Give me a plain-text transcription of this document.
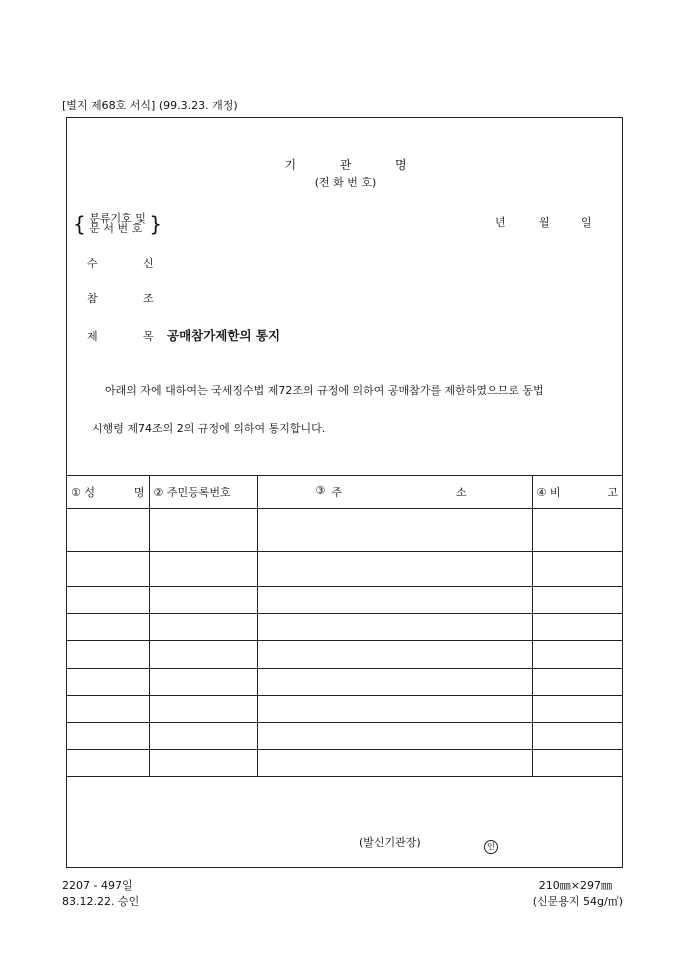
[별지 제68호 서식] (99.3.23. 개정)
기	관	명
(전 화 번 호)
{ 분류기호 및
문 서 번 호 }	년	월	일
수	신
참	조
제	목 공매참가제한의 통지
아래의 자에 대하여는 국세징수법 제72조의 규정에 의하여 공매참가를 제한하였으므로 동법
시행령 제74조의 2의 규정에 의하여 통지합니다.
① 성 명	② 주민등록번호	③ 주 소	④ 비 고

(발신기관장)	인
2207 - 497일
83.12.22. 승인
210㎜×297㎜
(신문용지 54g/㎡)
